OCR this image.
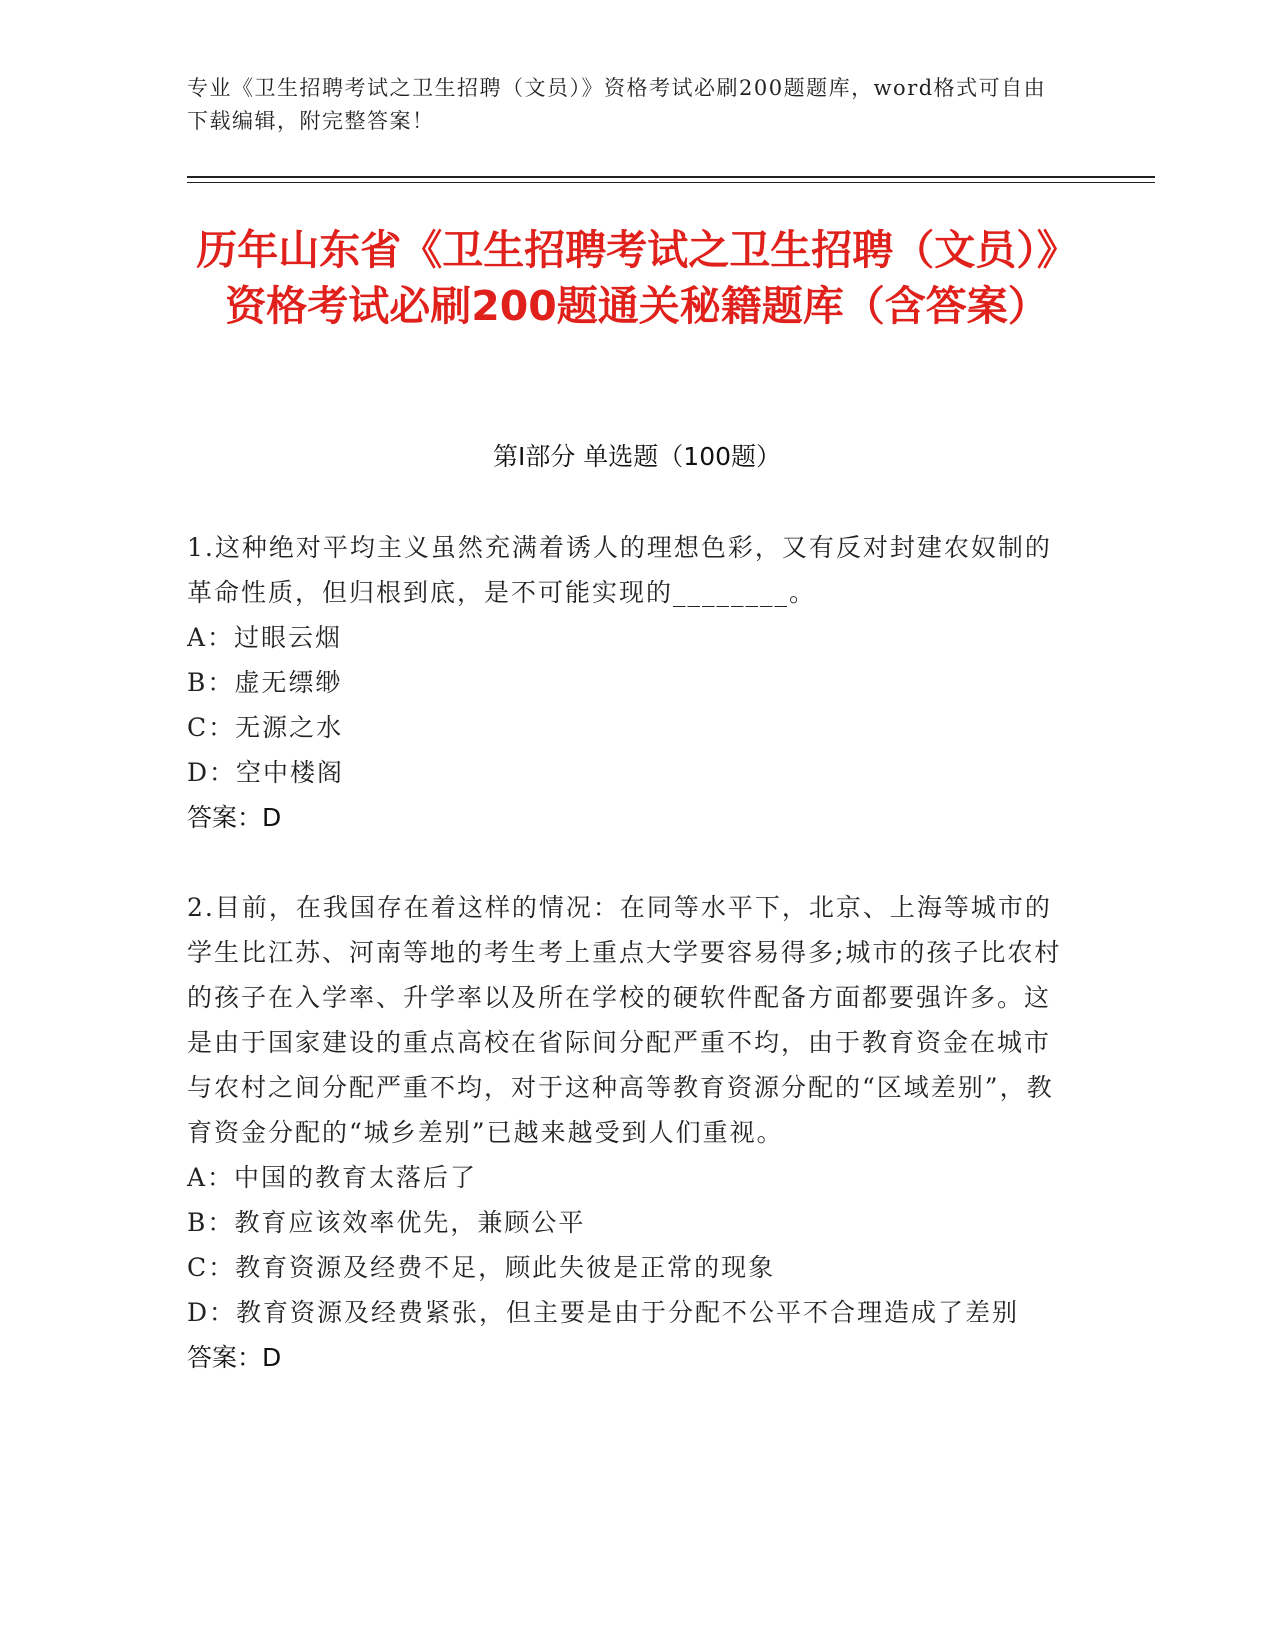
专业《卫生招聘考试之卫生招聘（文员）》资格考试必刷200题题库，word格式可自由下载编辑，附完整答案！
历年山东省《卫生招聘考试之卫生招聘（文员）》资格考试必刷200题通关秘籍题库（含答案）
第Ⅰ部分 单选题（100题）
1.这种绝对平均主义虽然充满着诱人的理想色彩，又有反对封建农奴制的革命性质，但归根到底，是不可能实现的________。
A：过眼云烟
B：虚无缥缈
C：无源之水
D：空中楼阁
答案：D
2.目前，在我国存在着这样的情况：在同等水平下，北京、上海等城市的学生比江苏、河南等地的考生考上重点大学要容易得多;城市的孩子比农村的孩子在入学率、升学率以及所在学校的硬软件配备方面都要强许多。这是由于国家建设的重点高校在省际间分配严重不均，由于教育资金在城市与农村之间分配严重不均，对于这种高等教育资源分配的“区域差别”，教育资金分配的“城乡差别”已越来越受到人们重视。
A：中国的教育太落后了
B：教育应该效率优先，兼顾公平
C：教育资源及经费不足，顾此失彼是正常的现象
D：教育资源及经费紧张，但主要是由于分配不公平不合理造成了差别
答案：D
